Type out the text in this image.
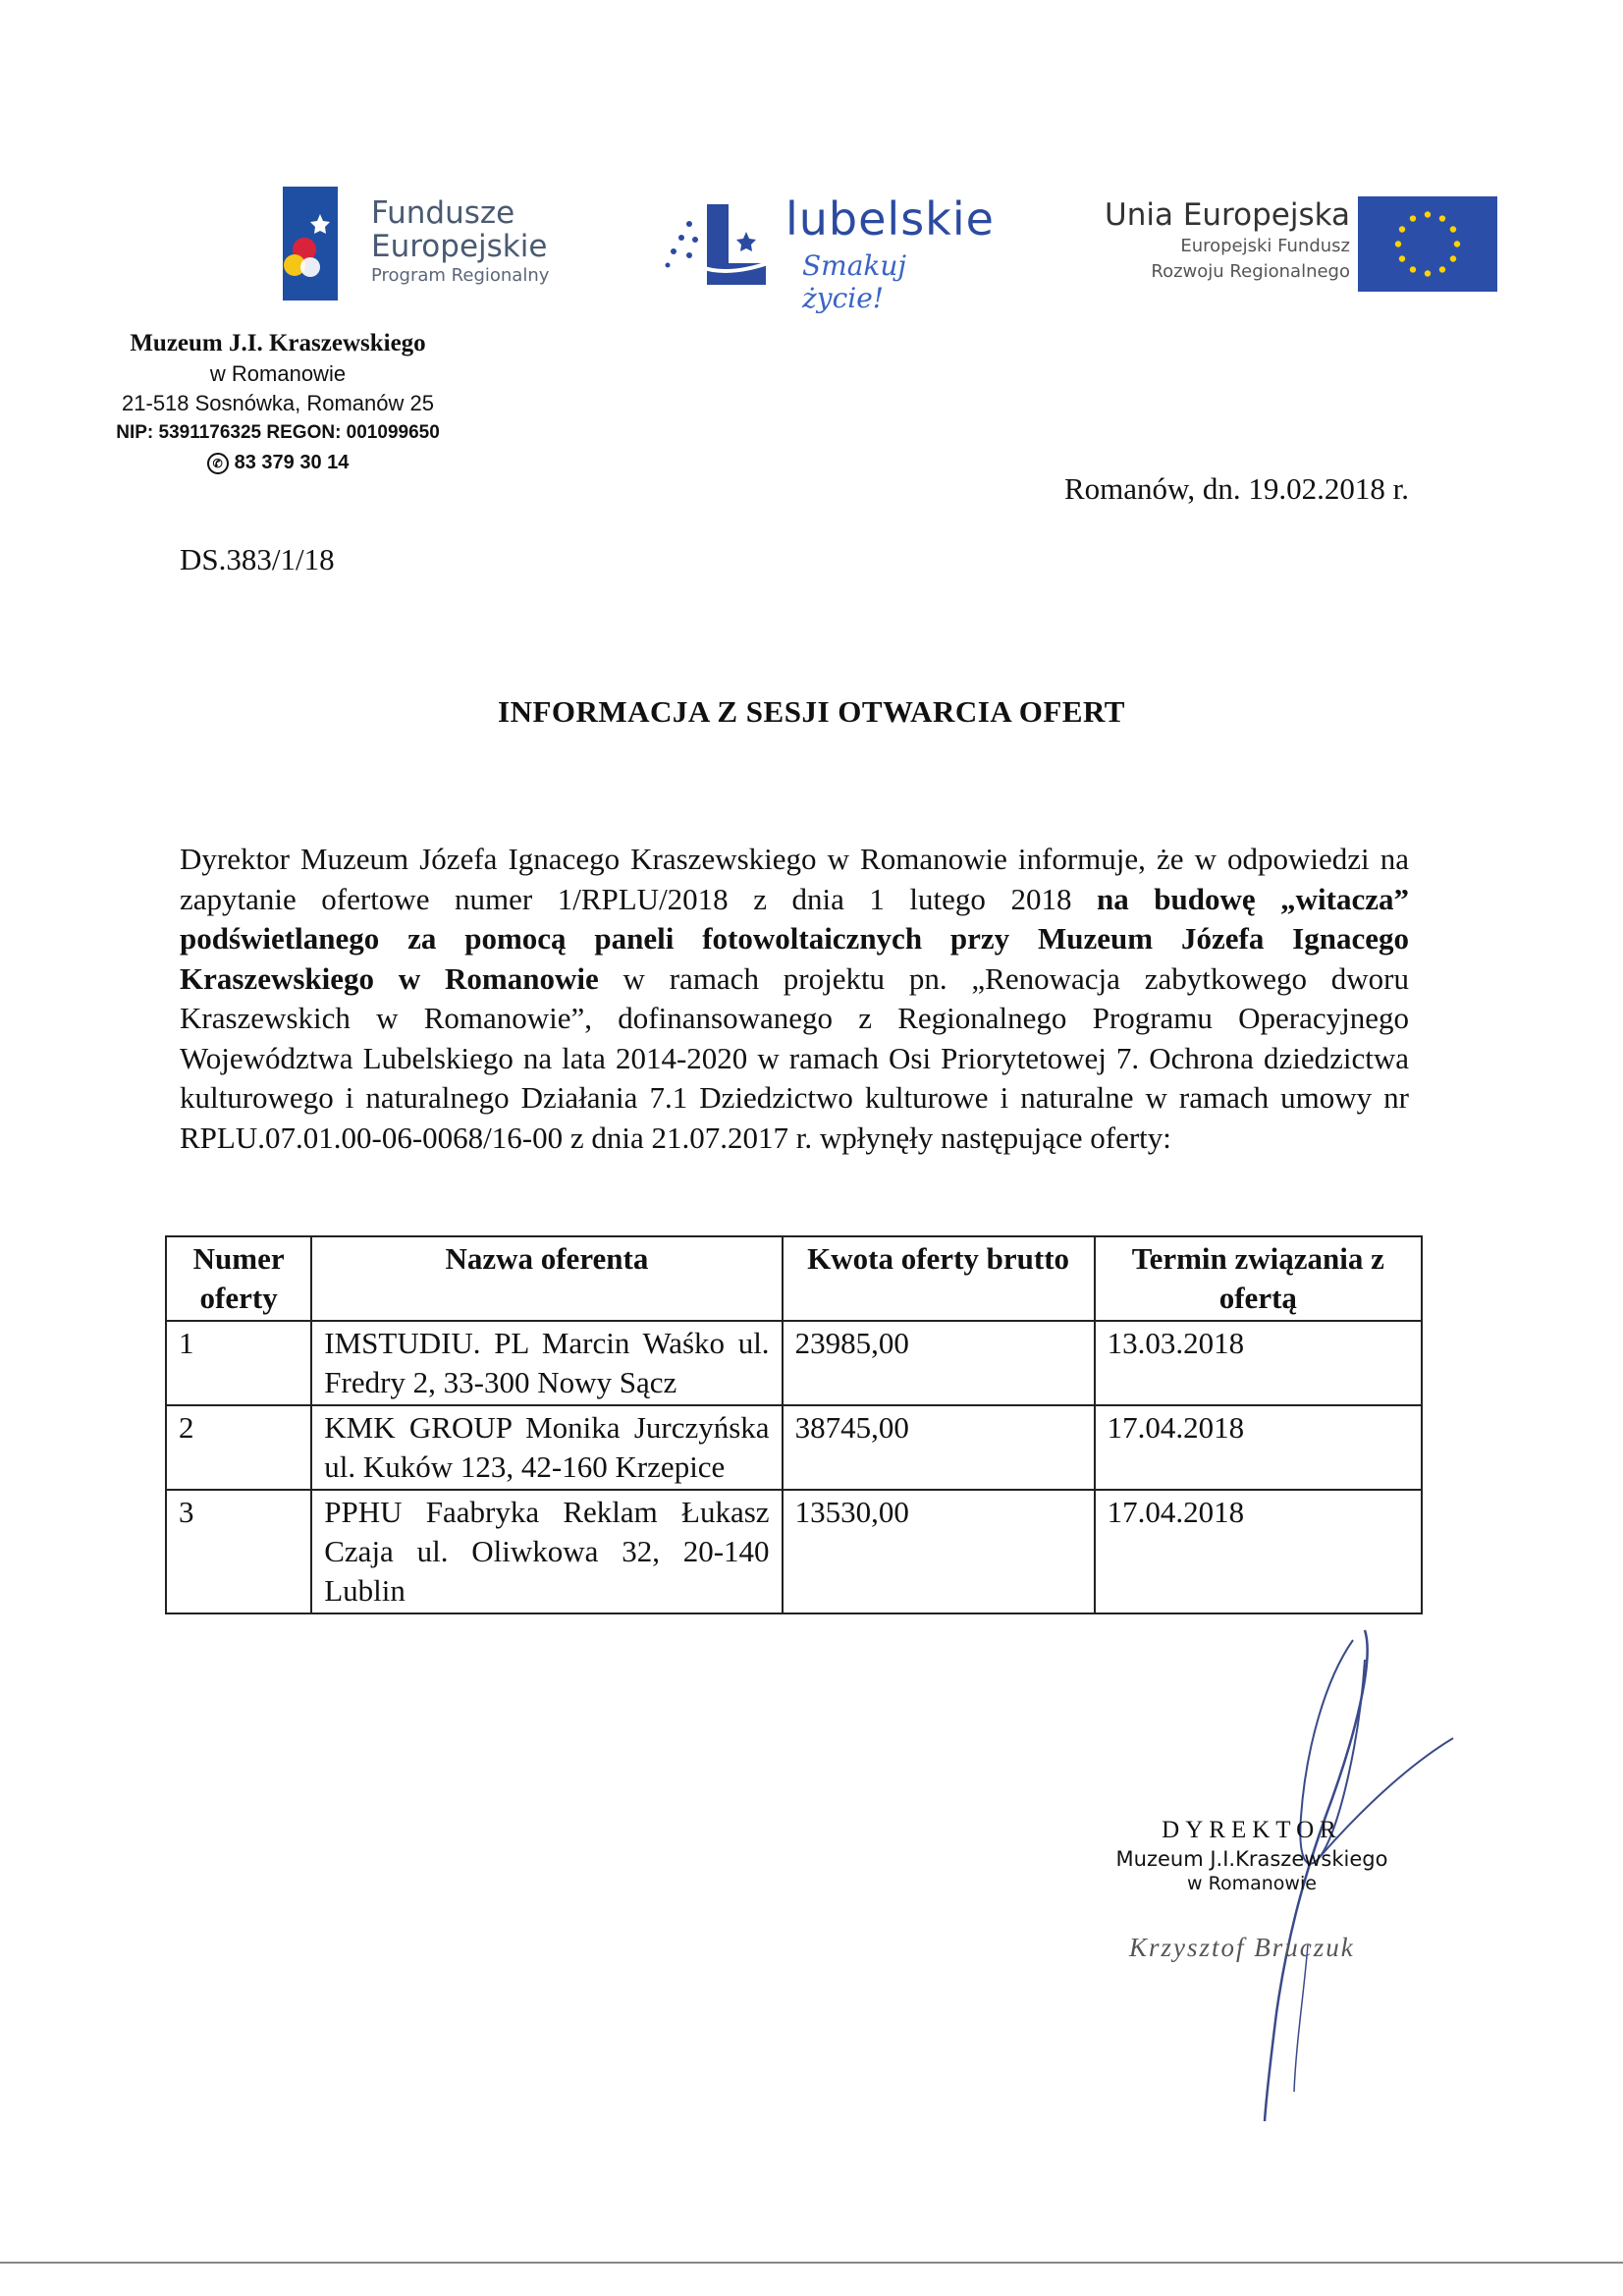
Fundusze
Europejskie
Program Regionalny
lubelskie
Smakuj życie!
Unia Europejska
Europejski Fundusz
Rozwoju Regionalnego
Muzeum J.I. Kraszewskiego
w Romanowie
21-518 Sosnówka, Romanów 25
NIP: 5391176325 REGON: 001099650
✆ 83 379 30 14
Romanów, dn. 19.02.2018 r.
DS.383/1/18
INFORMACJA Z SESJI OTWARCIA OFERT
Dyrektor Muzeum Józefa Ignacego Kraszewskiego w Romanowie informuje, że w odpowiedzi na zapytanie ofertowe numer 1/RPLU/2018 z dnia 1 lutego 2018 na budowę „witacza” podświetlanego za pomocą paneli fotowoltaicznych przy Muzeum Józefa Ignacego Kraszewskiego w Romanowie w ramach projektu pn. „Renowacja zabytkowego dworu Kraszewskich w Romanowie”, dofinansowanego z Regionalnego Programu Operacyjnego Województwa Lubelskiego na lata 2014-2020 w ramach Osi Priorytetowej 7. Ochrona dziedzictwa kulturowego i naturalnego Działania 7.1 Dziedzictwo kulturowe i naturalne w ramach umowy nr RPLU.07.01.00-06-0068/16-00 z dnia 21.07.2017 r. wpłynęły następujące oferty:
Numer oferty	Nazwa oferenta	Kwota oferty brutto	Termin związania z ofertą
1	IMSTUDIU. PL Marcin Waśko ul. Fredry 2, 33-300 Nowy Sącz	23985,00	13.03.2018
2	KMK GROUP Monika Jurczyńska ul. Kuków 123, 42-160 Krzepice	38745,00	17.04.2018
3	PPHU Faabryka Reklam Łukasz Czaja ul. Oliwkowa 32, 20-140 Lublin	13530,00	17.04.2018
DYREKTOR
Muzeum J.I.Kraszewskiego
w Romanowie
Krzysztof Bruczuk
